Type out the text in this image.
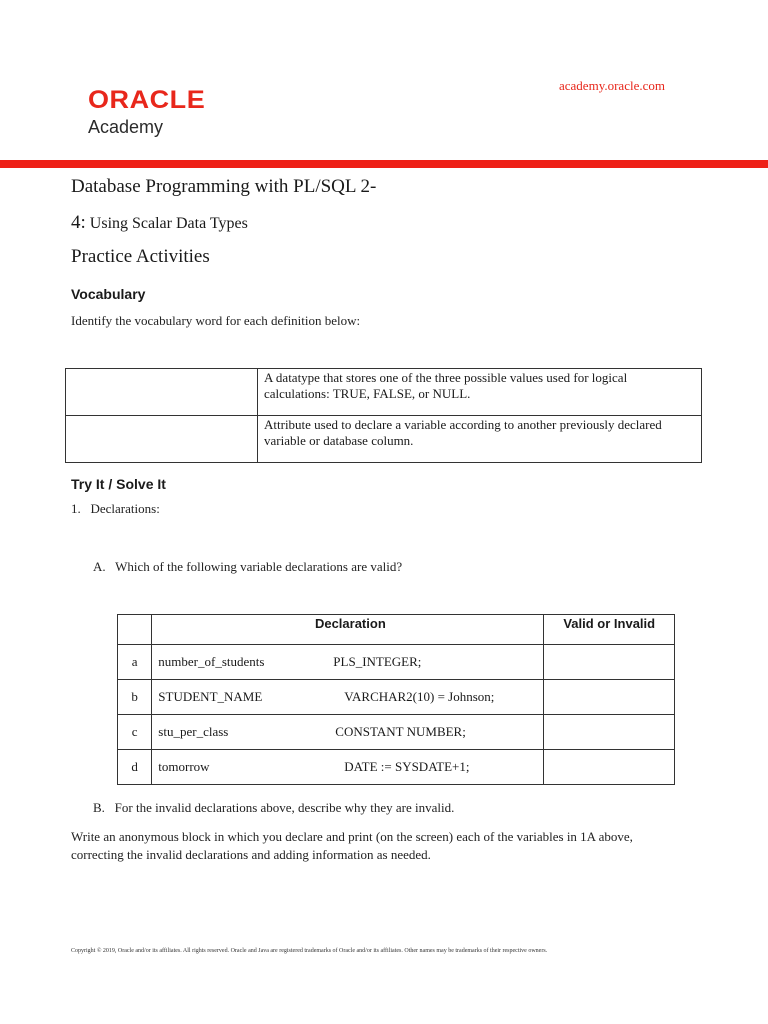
ORACLE
Academy
academy.oracle.com
Database Programming with PL/SQL 2-
4: Using Scalar Data Types
Practice Activities
Vocabulary
Identify the vocabulary word for each definition below:
	A datatype that stores one of the three possible values used for logical calculations: TRUE, FALSE, or NULL.
	Attribute used to declare a variable according to another previously declared variable or database column.
Try It / Solve It
1.   Declarations:
A.   Which of the following variable declarations are valid?
	Declaration	Valid or Invalid
a	number_of_students PLS_INTEGER;	

b	STUDENT_NAME VARCHAR2(10) = Johnson;	

c	stu_per_class CONSTANT NUMBER;	

d	tomorrow DATE := SYSDATE+1;	

B.   For the invalid declarations above, describe why they are invalid.
Write an anonymous block in which you declare and print (on the screen) each of the variables in 1A above,
correcting the invalid declarations and adding information as needed.
Copyright © 2019, Oracle and/or its affiliates. All rights reserved. Oracle and Java are registered trademarks of Oracle and/or its affiliates. Other names may be trademarks of their respective owners.
